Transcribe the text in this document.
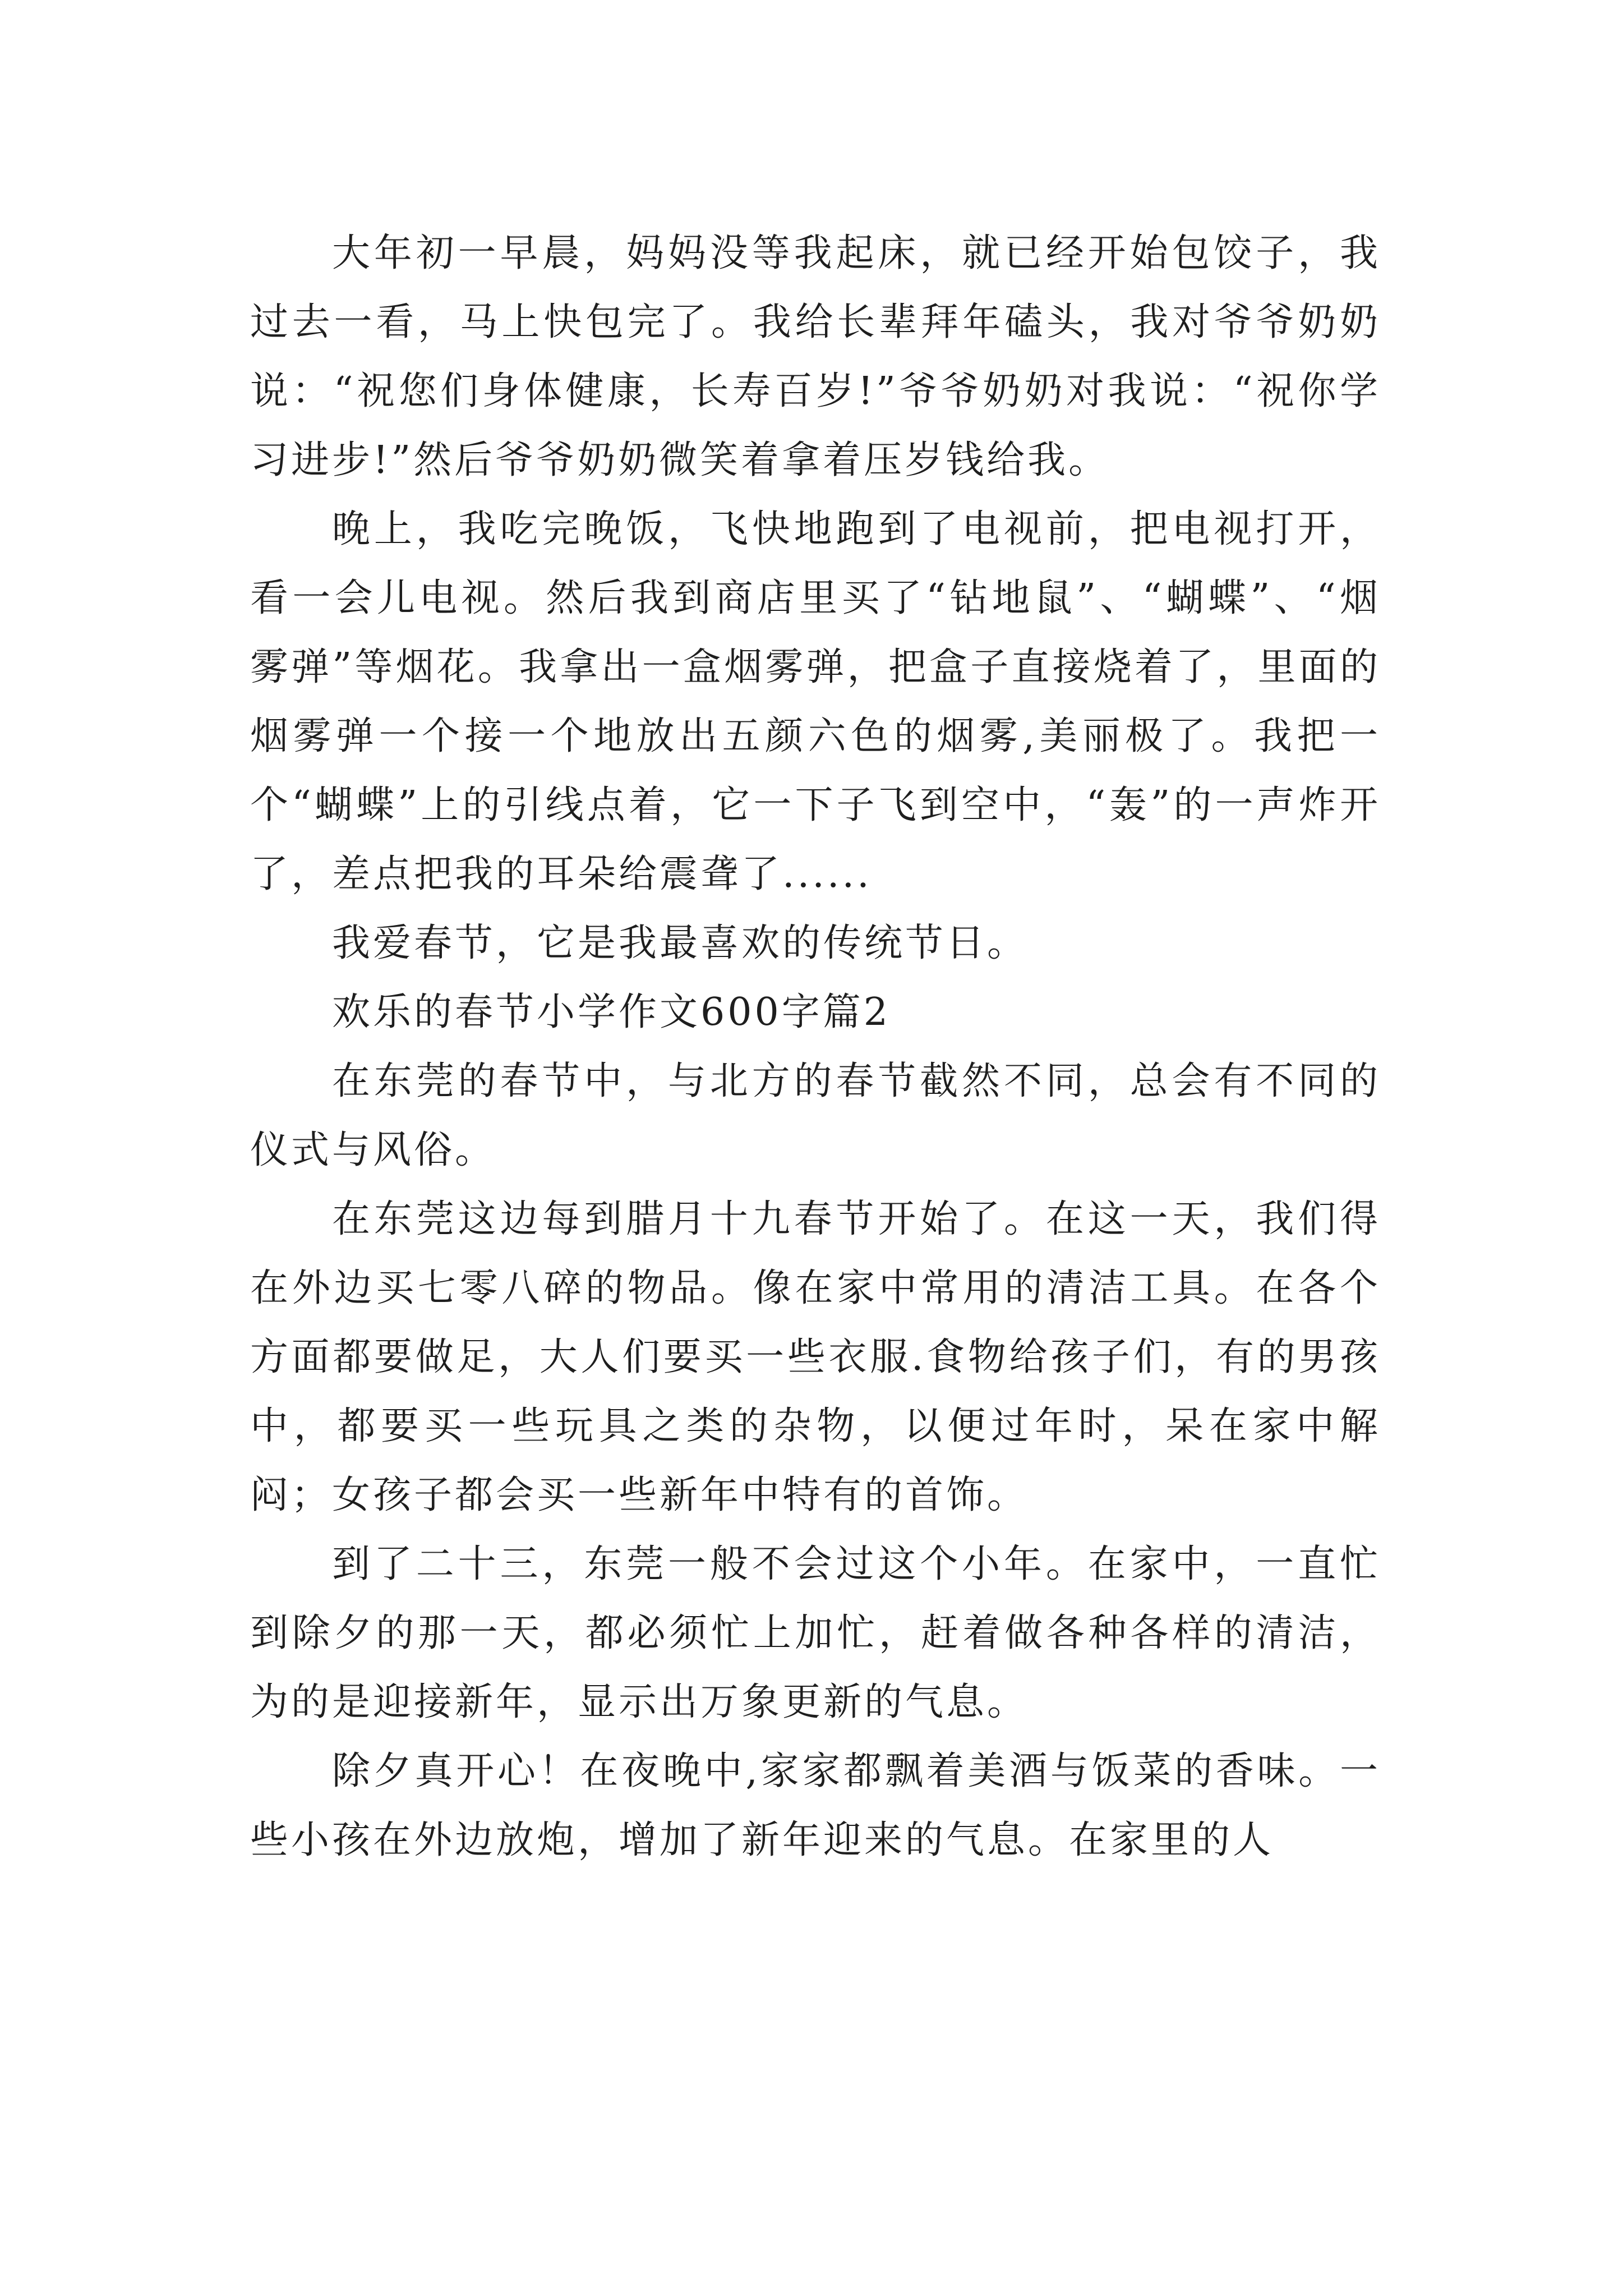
大年初一早晨，妈妈没等我起床，就已经开始包饺子，我过去一看，马上快包完了。我给长辈拜年磕头，我对爷爷奶奶说：“祝您们身体健康，长寿百岁!”爷爷奶奶对我说：“祝你学习进步!”然后爷爷奶奶微笑着拿着压岁钱给我。

晚上，我吃完晚饭，飞快地跑到了电视前，把电视打开，看一会儿电视。然后我到商店里买了“钻地鼠”、“蝴蝶”、“烟雾弹”等烟花。我拿出一盒烟雾弹，把盒子直接烧着了，里面的烟雾弹一个接一个地放出五颜六色的烟雾,美丽极了。我把一个“蝴蝶”上的引线点着，它一下子飞到空中，“轰”的一声炸开了，差点把我的耳朵给震聋了......

我爱春节，它是我最喜欢的传统节日。

欢乐的春节小学作文600字篇2

在东莞的春节中，与北方的春节截然不同，总会有不同的仪式与风俗。

在东莞这边每到腊月十九春节开始了。在这一天，我们得在外边买七零八碎的物品。像在家中常用的清洁工具。在各个方面都要做足，大人们要买一些衣服.食物给孩子们，有的男孩中，都要买一些玩具之类的杂物，以便过年时，呆在家中解闷；女孩子都会买一些新年中特有的首饰。

到了二十三，东莞一般不会过这个小年。在家中，一直忙到除夕的那一天，都必须忙上加忙，赶着做各种各样的清洁，为的是迎接新年，显示出万象更新的气息。

除夕真开心！在夜晚中,家家都飘着美酒与饭菜的香味。一些小孩在外边放炮，增加了新年迎来的气息。在家里的人
